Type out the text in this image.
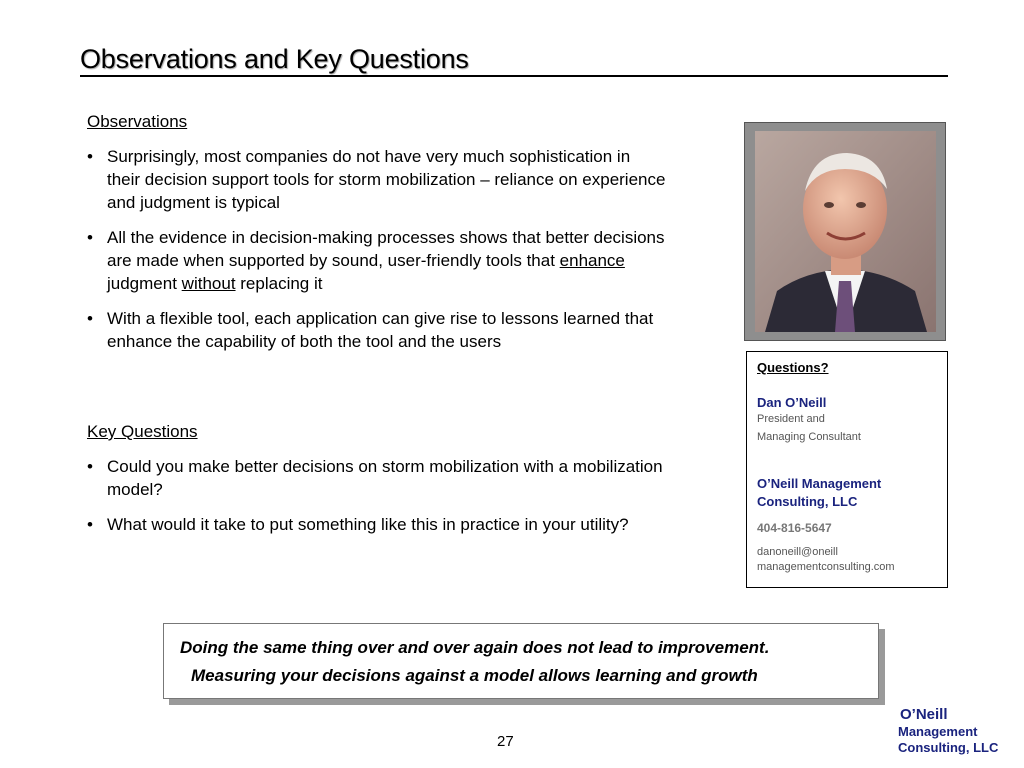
Observations and Key Questions
Observations
• Surprisingly, most companies do not have very much sophistication in their decision support tools for storm mobilization – reliance on experience and judgment is typical
• All the evidence in decision-making processes shows that better decisions are made when supported by sound, user-friendly tools that enhance judgment without replacing it
• With a flexible tool, each application can give rise to lessons learned that enhance the capability of both the tool and the users
Key Questions
• Could you make better decisions on storm mobilization with a mobilization model?
• What would it take to put something like this in practice in your utility?
Questions?
Dan O’Neill
President and
Managing Consultant
O’Neill Management
Consulting, LLC
404-816-5647
danoneill@oneill
managementconsulting.com
Doing the same thing over and over again does not lead to improvement.
Measuring your decisions against a model allows learning and growth
27
O’Neill
Management
Consulting, LLC
